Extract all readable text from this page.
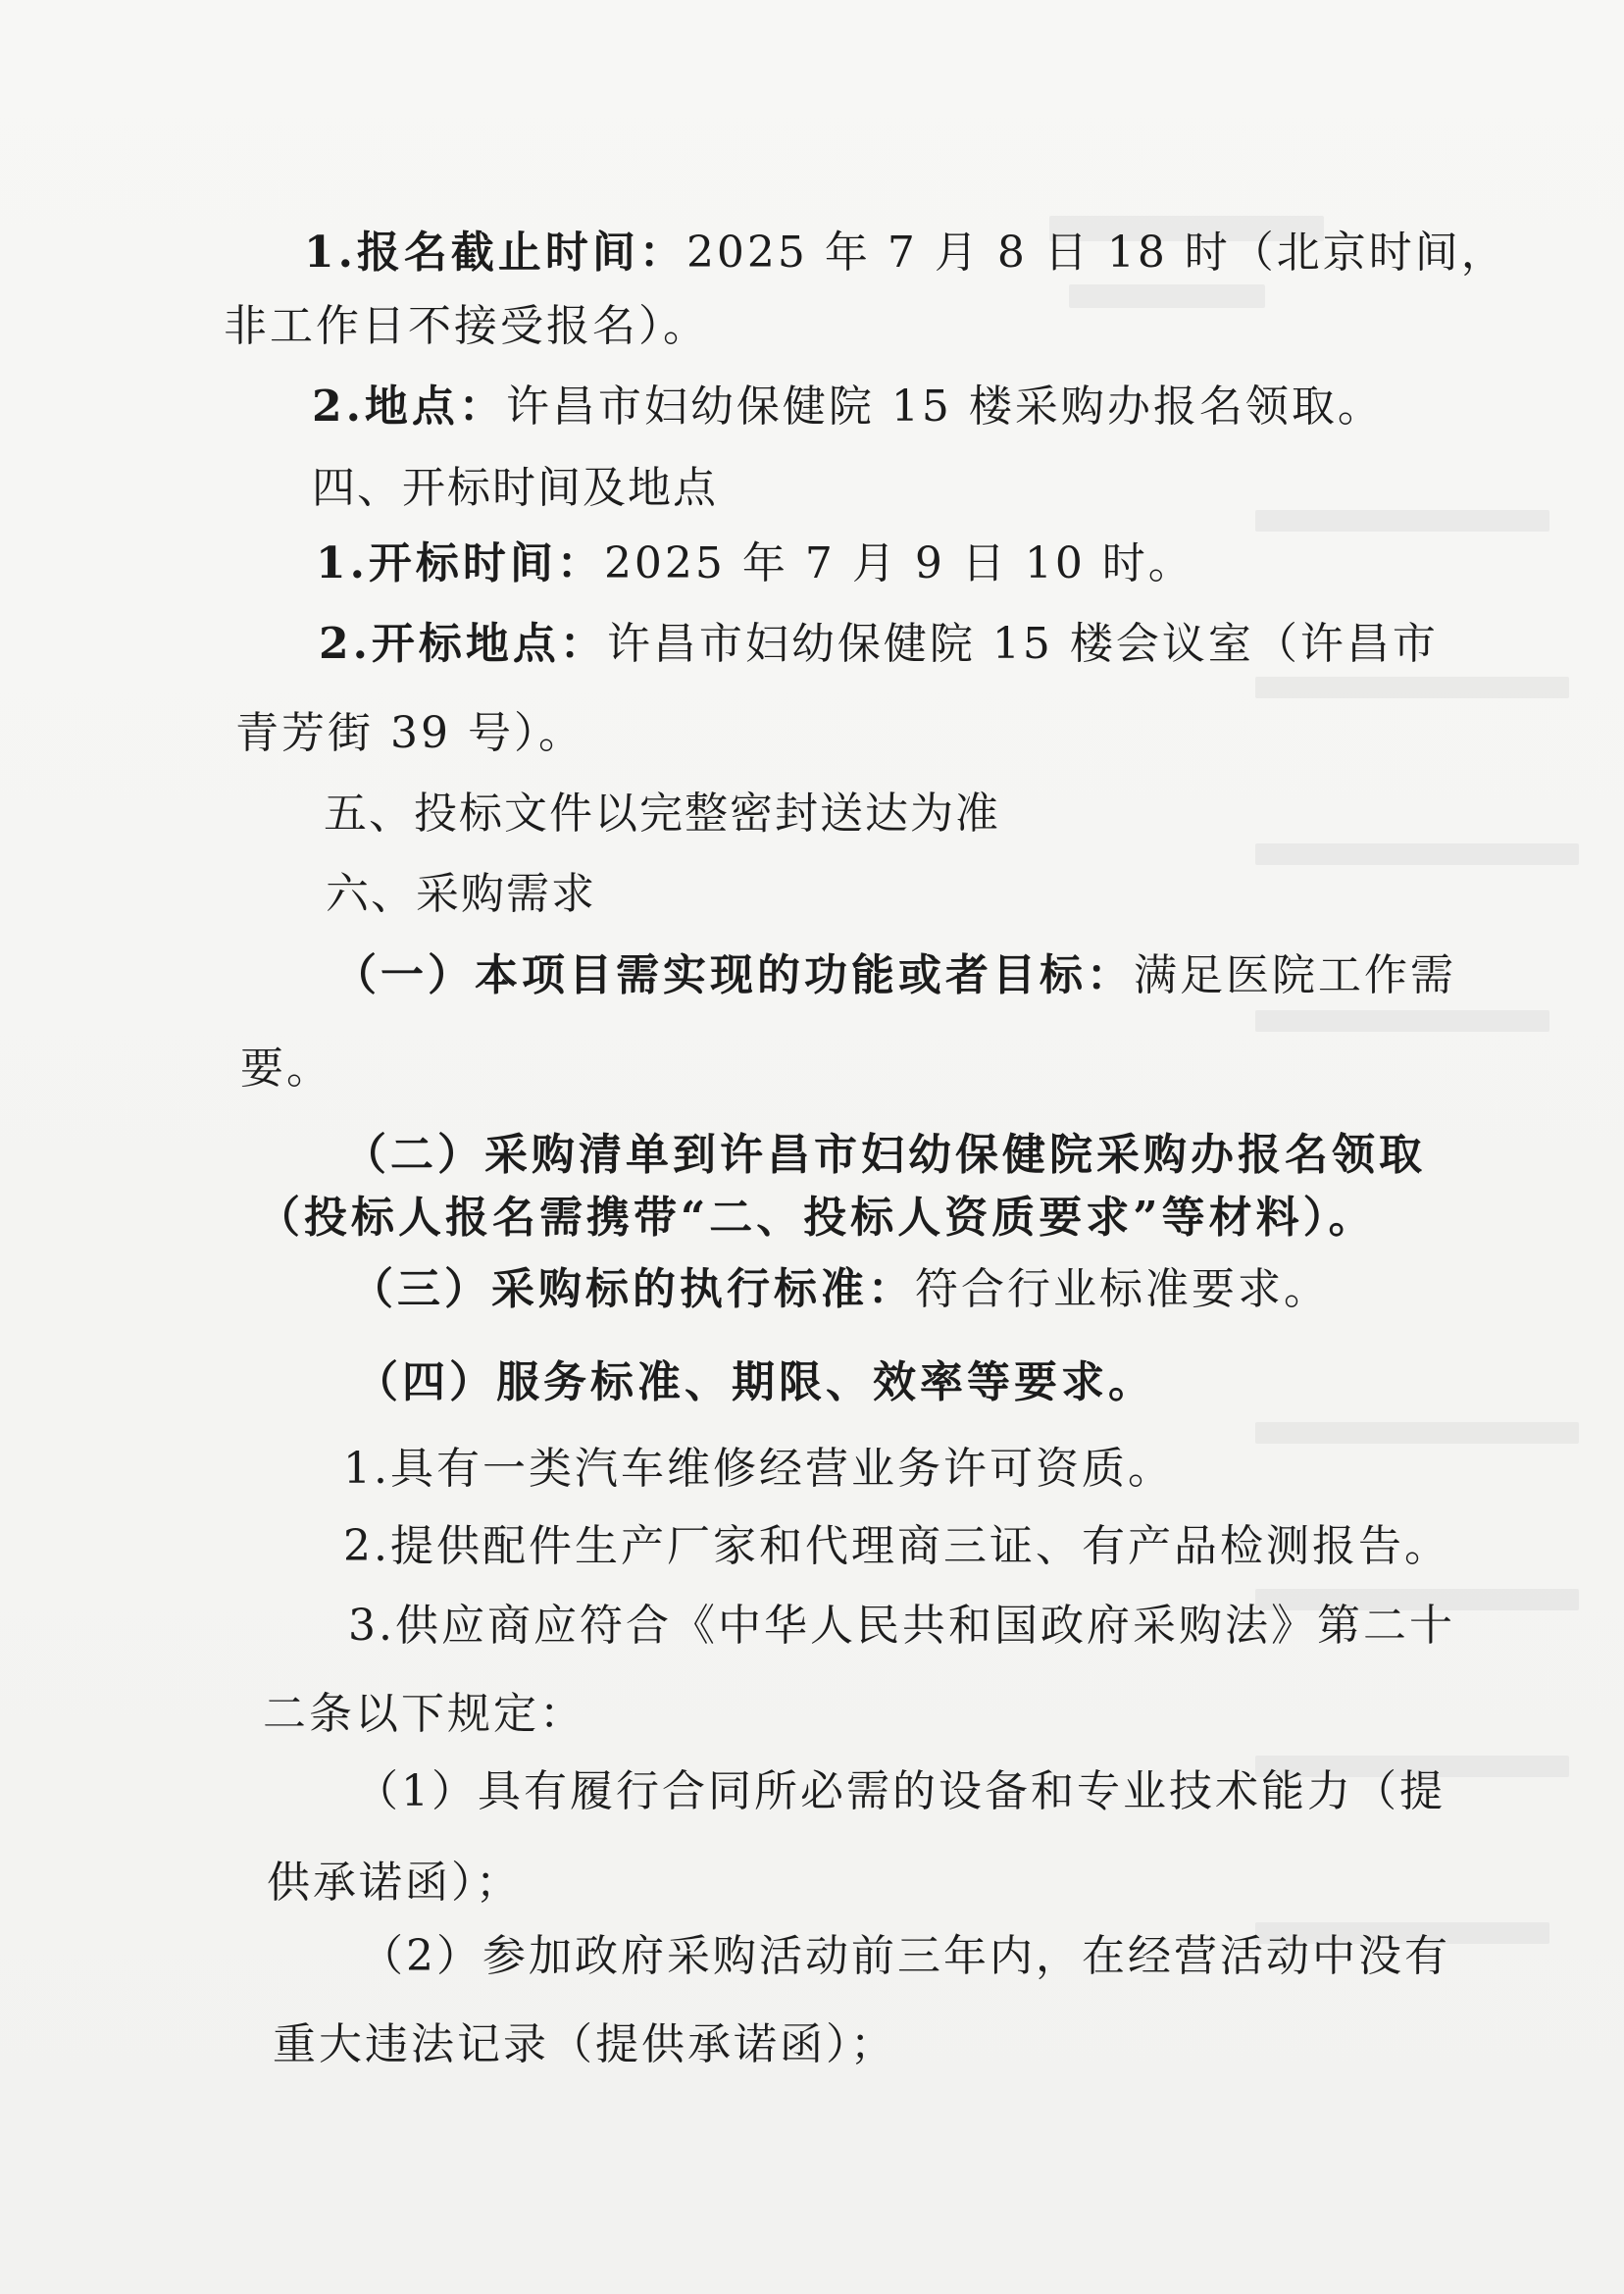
1.报名截止时间：2025 年 7 月 8 日 18 时（北京时间，
非工作日不接受报名）。
2.地点：许昌市妇幼保健院 15 楼采购办报名领取。
四、开标时间及地点
1.开标时间：2025 年 7 月 9 日 10 时。
2.开标地点：许昌市妇幼保健院 15 楼会议室（许昌市
青芳街 39 号）。
五、投标文件以完整密封送达为准
六、采购需求
（一）本项目需实现的功能或者目标：满足医院工作需
要。
（二）采购清单到许昌市妇幼保健院采购办报名领取
（投标人报名需携带“二、投标人资质要求”等材料）。
（三）采购标的执行标准：符合行业标准要求。
（四）服务标准、期限、效率等要求。
1.具有一类汽车维修经营业务许可资质。
2.提供配件生产厂家和代理商三证、有产品检测报告。
3.供应商应符合《中华人民共和国政府采购法》第二十
二条以下规定：
（1）具有履行合同所必需的设备和专业技术能力（提
供承诺函）；
（2）参加政府采购活动前三年内，在经营活动中没有
重大违法记录（提供承诺函）；
